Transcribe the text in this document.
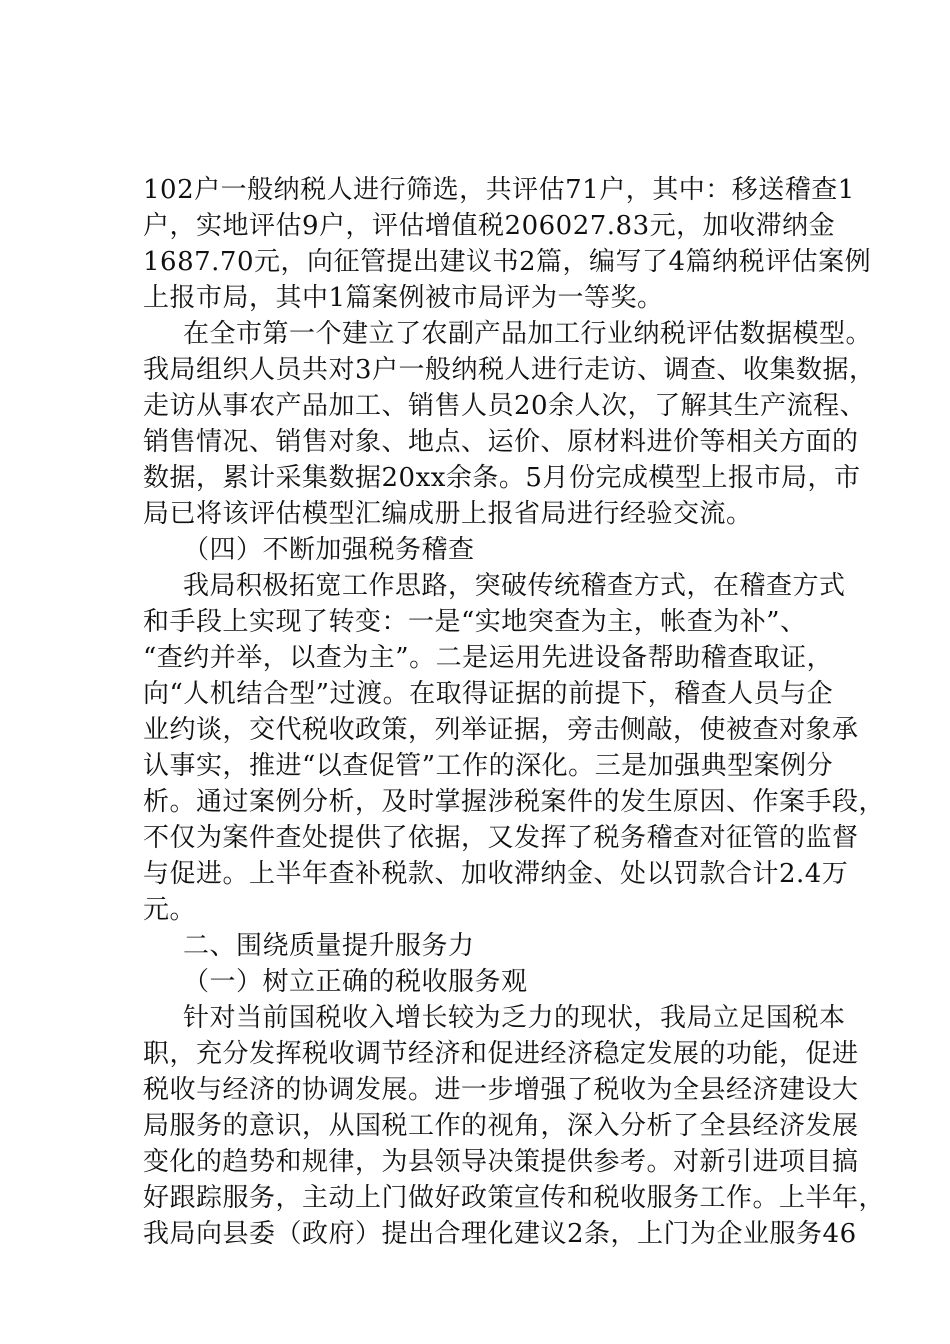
102户一般纳税人进行筛选，共评估71户，其中：移送稽查1
户，实地评估9户，评估增值税206027.83元，加收滞纳金
1687.70元，向征管提出建议书2篇，编写了4篇纳税评估案例
上报市局，其中1篇案例被市局评为一等奖。
在全市第一个建立了农副产品加工行业纳税评估数据模型。
我局组织人员共对3户一般纳税人进行走访、调查、收集数据，
走访从事农产品加工、销售人员20余人次，了解其生产流程、
销售情况、销售对象、地点、运价、原材料进价等相关方面的
数据，累计采集数据20xx余条。5月份完成模型上报市局，市
局已将该评估模型汇编成册上报省局进行经验交流。
（四）不断加强税务稽查
我局积极拓宽工作思路，突破传统稽查方式，在稽查方式
和手段上实现了转变：一是“实地突查为主，帐查为补”、
“查约并举，以查为主”。二是运用先进设备帮助稽查取证，
向“人机结合型”过渡。在取得证据的前提下，稽查人员与企
业约谈，交代税收政策，列举证据，旁击侧敲，使被查对象承
认事实，推进“以查促管”工作的深化。三是加强典型案例分
析。通过案例分析，及时掌握涉税案件的发生原因、作案手段，
不仅为案件查处提供了依据，又发挥了税务稽查对征管的监督
与促进。上半年查补税款、加收滞纳金、处以罚款合计2.4万
元。
二、围绕质量提升服务力
（一）树立正确的税收服务观
针对当前国税收入增长较为乏力的现状，我局立足国税本
职，充分发挥税收调节经济和促进经济稳定发展的功能，促进
税收与经济的协调发展。进一步增强了税收为全县经济建设大
局服务的意识，从国税工作的视角，深入分析了全县经济发展
变化的趋势和规律，为县领导决策提供参考。对新引进项目搞
好跟踪服务，主动上门做好政策宣传和税收服务工作。上半年，
我局向县委（政府）提出合理化建议2条，上门为企业服务46
